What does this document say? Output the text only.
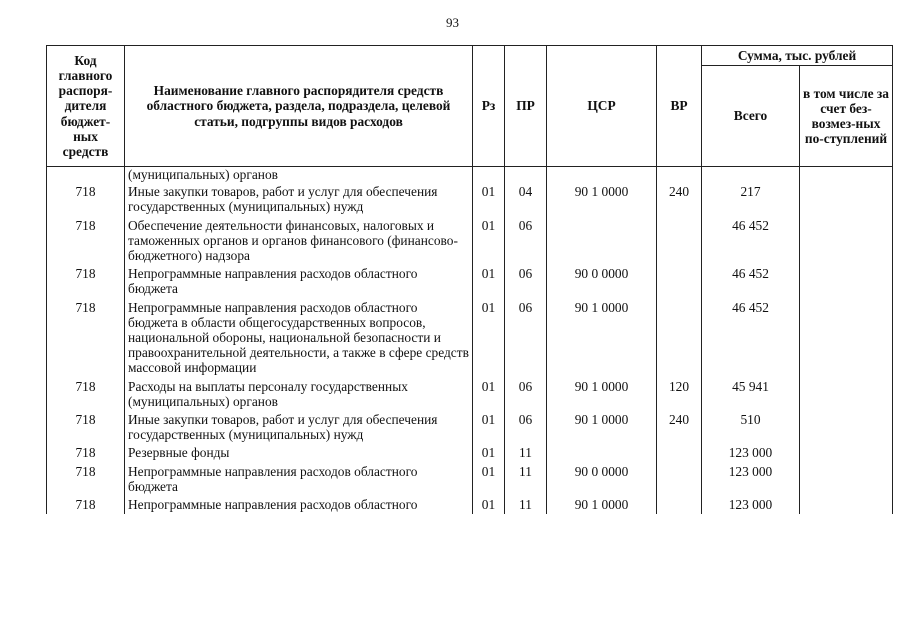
93
Код главного распоря-дителя бюджет-ных средств	Наименование главного распорядителя средств областного бюджета, раздела, подраздела, целевой статьи, подгруппы видов расходов	Рз	ПР	ЦСР	ВР	Сумма, тыс. рублей	
						Всего	в том числе за счет без-возмез-ных по-ступлений
	(муниципальных) органов						
718	Иные закупки товаров, работ и услуг для обеспечения государственных (муниципальных) нужд	01	04	90 1 0000	240	217	
718	Обеспечение деятельности финансовых, налоговых и таможенных органов и органов финансового (финансово-бюджетного) надзора	01	06			46 452	
718	Непрограммные направления расходов областного бюджета	01	06	90 0 0000		46 452	
718	Непрограммные направления расходов областного бюджета в области общегосударственных вопросов, национальной обороны, национальной безопасности и правоохранительной деятельности, а также в сфере средств массовой информации	01	06	90 1 0000		46 452	
718	Расходы на выплаты персоналу государственных (муниципальных) органов	01	06	90 1 0000	120	45 941	
718	Иные закупки товаров, работ и услуг для обеспечения государственных (муниципальных) нужд	01	06	90 1 0000	240	510	
718	Резервные фонды	01	11			123 000	
718	Непрограммные направления расходов областного бюджета	01	11	90 0 0000		123 000	
718	Непрограммные направления расходов областного	01	11	90 1 0000		123 000	
